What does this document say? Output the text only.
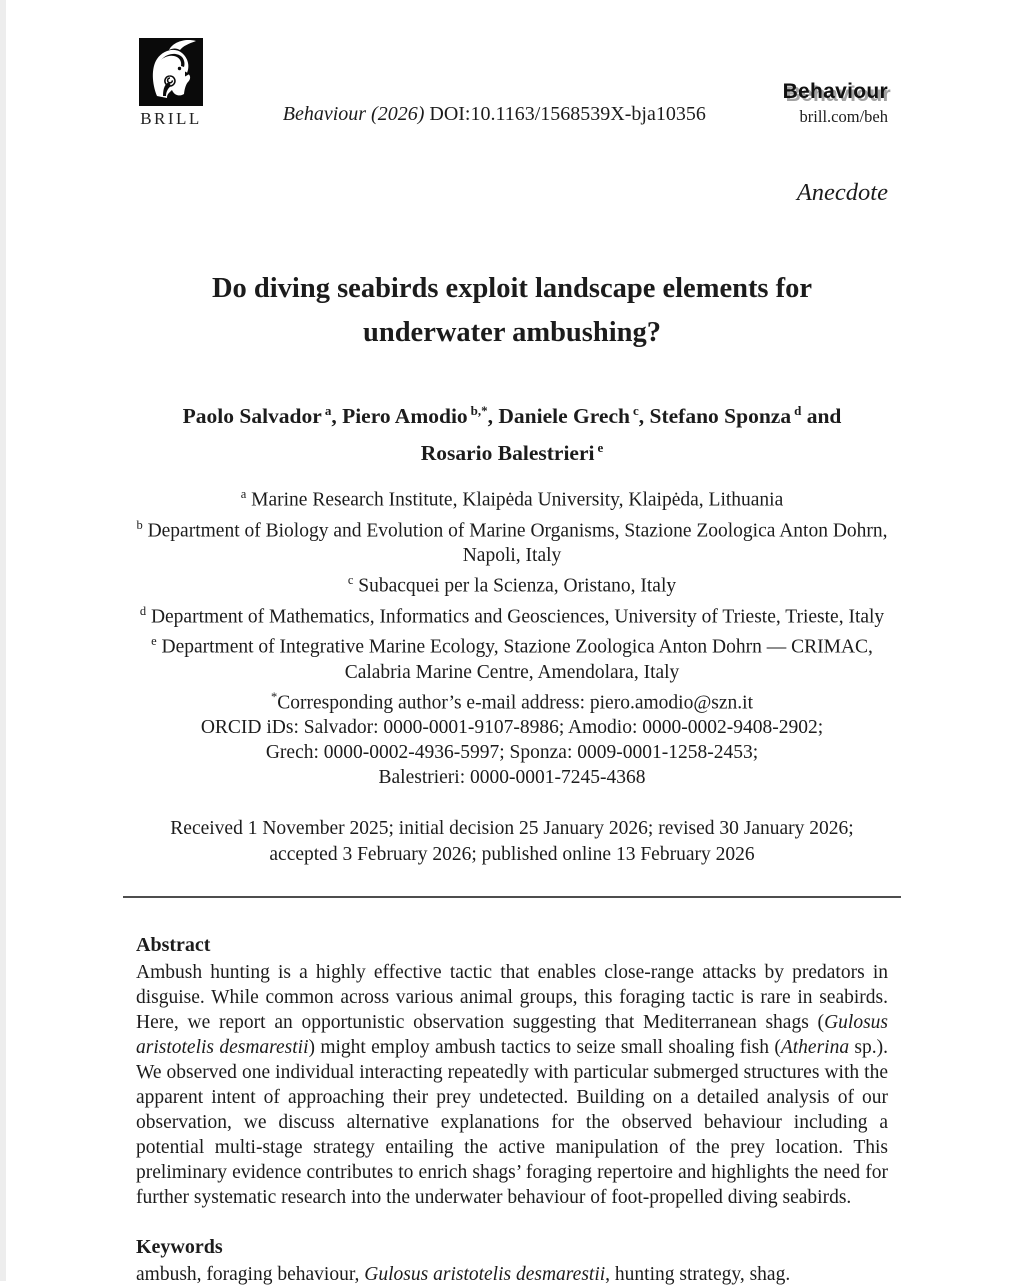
BRILL	Behaviour (2026) DOI:10.1163/1568539X-bja10356
Behaviour
brill.com/beh
Anecdote
Do diving seabirds exploit landscape elements for
underwater ambushing?
Paolo Salvador $^a$, Piero Amodio $^{b,*}$, Daniele Grech $^c$, Stefano Sponza $^d$ and
Rosario Balestrieri $^e$
$^a$ Marine Research Institute, Klaipėda University, Klaipėda, Lithuania
$^b$ Department of Biology and Evolution of Marine Organisms, Stazione Zoologica Anton Dohrn, Napoli, Italy
$^c$ Subacquei per la Scienza, Oristano, Italy
$^d$ Department of Mathematics, Informatics and Geosciences, University of Trieste, Trieste, Italy
$^e$ Department of Integrative Marine Ecology, Stazione Zoologica Anton Dohrn — CRIMAC, Calabria Marine Centre, Amendolara, Italy
*Corresponding author’s e-mail address: piero.amodio@szn.it
ORCID iDs: Salvador: 0000-0001-9107-8986; Amodio: 0000-0002-9408-2902;
Grech: 0000-0002-4936-5997; Sponza: 0009-0001-1258-2453;
Balestrieri: 0000-0001-7245-4368
Received 1 November 2025; initial decision 25 January 2026; revised 30 January 2026; accepted 3 February 2026; published online 13 February 2026
Abstract

Ambush hunting is a highly effective tactic that enables close-range attacks by predators in disguise. While common across various animal groups, this foraging tactic is rare in seabirds. Here, we report an opportunistic observation suggesting that Mediterranean shags (Gulosus aristotelis desmarestii) might employ ambush tactics to seize small shoaling fish (Atherina sp.). We observed one individual interacting repeatedly with particular submerged structures with the apparent intent of approaching their prey undetected. Building on a detailed analysis of our observation, we discuss alternative explanations for the observed behaviour including a potential multi-stage strategy entailing the active manipulation of the prey location. This preliminary evidence contributes to enrich shags’ foraging repertoire and highlights the need for further systematic research into the underwater behaviour of foot-propelled diving seabirds.

Keywords

ambush, foraging behaviour, Gulosus aristotelis desmarestii, hunting strategy, shag.
